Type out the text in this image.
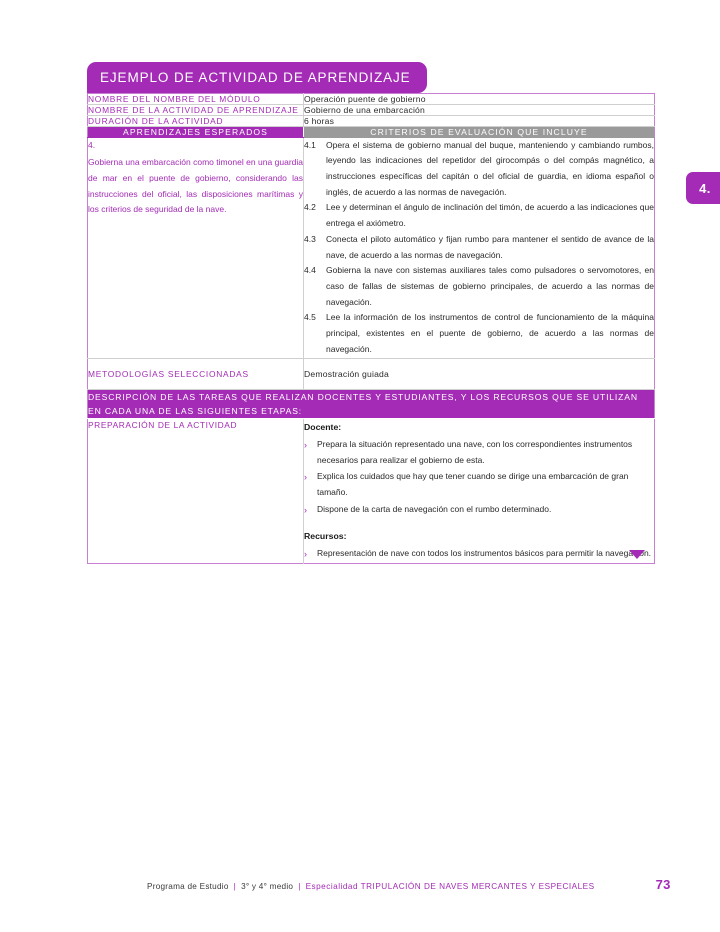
4.
EJEMPLO DE ACTIVIDAD DE APRENDIZAJE
NOMBRE DEL NOMBRE DEL MÓDULO	Operación puente de gobierno
NOMBRE DE LA ACTIVIDAD DE APRENDIZAJE	Gobierno de una embarcación
DURACIÓN DE LA ACTIVIDAD	6 horas
APRENDIZAJES ESPERADOS	CRITERIOS DE EVALUACIÓN QUE INCLUYE

4.
Gobierna una embarcación como timonel en una guardia de mar en el puente de gobierno, considerando las instrucciones del oficial, las disposiciones marítimas y los criterios de seguridad de la nave.	
4.1	Opera el sistema de gobierno manual del buque, manteniendo y cambiando rumbos, leyendo las indicaciones del repetidor del girocompás o del compás magnético, a instrucciones específicas del capitán o del oficial de guardia, en idioma español o inglés, de acuerdo a las normas de navegación.
4.2	Lee y determinan el ángulo de inclinación del timón, de acuerdo a las indicaciones que entrega el axiómetro.
4.3	Conecta el piloto automático y fijan rumbo para mantener el sentido de avance de la nave, de acuerdo a las normas de navegación.
4.4	Gobierna la nave con sistemas auxiliares tales como pulsadores o servomotores, en caso de fallas de sistemas de gobierno principales, de acuerdo a las normas de navegación.
4.5	Lee la información de los instrumentos de control de funcionamiento de la máquina principal, existentes en el puente de gobierno, de acuerdo a las normas de navegación.

METODOLOGÍAS SELECCIONADAS	Demostración guiada
DESCRIPCIÓN DE LAS TAREAS QUE REALIZAN DOCENTES Y ESTUDIANTES, Y LOS RECURSOS QUE SE UTILIZAN EN CADA UNA DE LAS SIGUIENTES ETAPAS:	
PREPARACIÓN DE LA ACTIVIDAD	Docente:
›	Prepara la situación representado una nave, con los correspondientes instrumentos necesarios para realizar el gobierno de esta.
›	Explica los cuidados que hay que tener cuando se dirige una embarcación de gran tamaño.
›	Dispone de la carta de navegación con el rumbo determinado.
Recursos:
›	Representación de nave con todos los instrumentos básicos para permitir la navegación.
Programa de Estudio | 3° y 4° medio | Especialidad TRIPULACIÓN DE NAVES MERCANTES Y ESPECIALES	73
